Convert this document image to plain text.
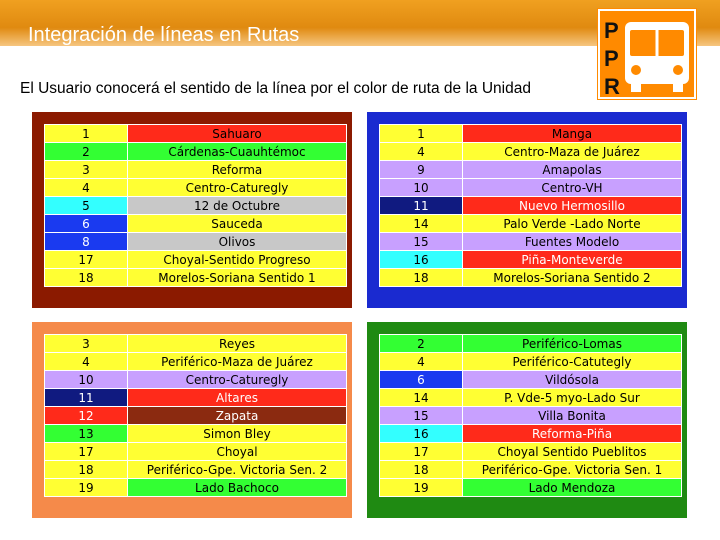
Integración de líneas en Rutas	P
P
R
El Usuario conocerá el sentido de la línea por el color de ruta de la Unidad
1	Sahuaro
2	Cárdenas-Cuauhtémoc
3	Reforma
4	Centro-Caturegly
5	12 de Octubre
6	Sauceda
8	Olivos
17	Choyal-Sentido Progreso
18	Morelos-Soriana Sentido 1
1	Manga
4	Centro-Maza de Juárez
9	Amapolas
10	Centro-VH
11	Nuevo Hermosillo
14	Palo Verde -Lado Norte
15	Fuentes Modelo
16	Piña-Monteverde
18	Morelos-Soriana Sentido 2
3	Reyes
4	Periférico-Maza de Juárez
10	Centro-Caturegly
11	Altares
12	Zapata
13	Simon Bley
17	Choyal
18	Periférico-Gpe. Victoria Sen. 2
19	Lado Bachoco
2	Periférico-Lomas
4	Periférico-Catutegly
6	Vildósola
14	P. Vde-5 myo-Lado Sur
15	Villa Bonita
16	Reforma-Piña
17	Choyal Sentido Pueblitos
18	Periférico-Gpe. Victoria Sen. 1
19	Lado Mendoza
